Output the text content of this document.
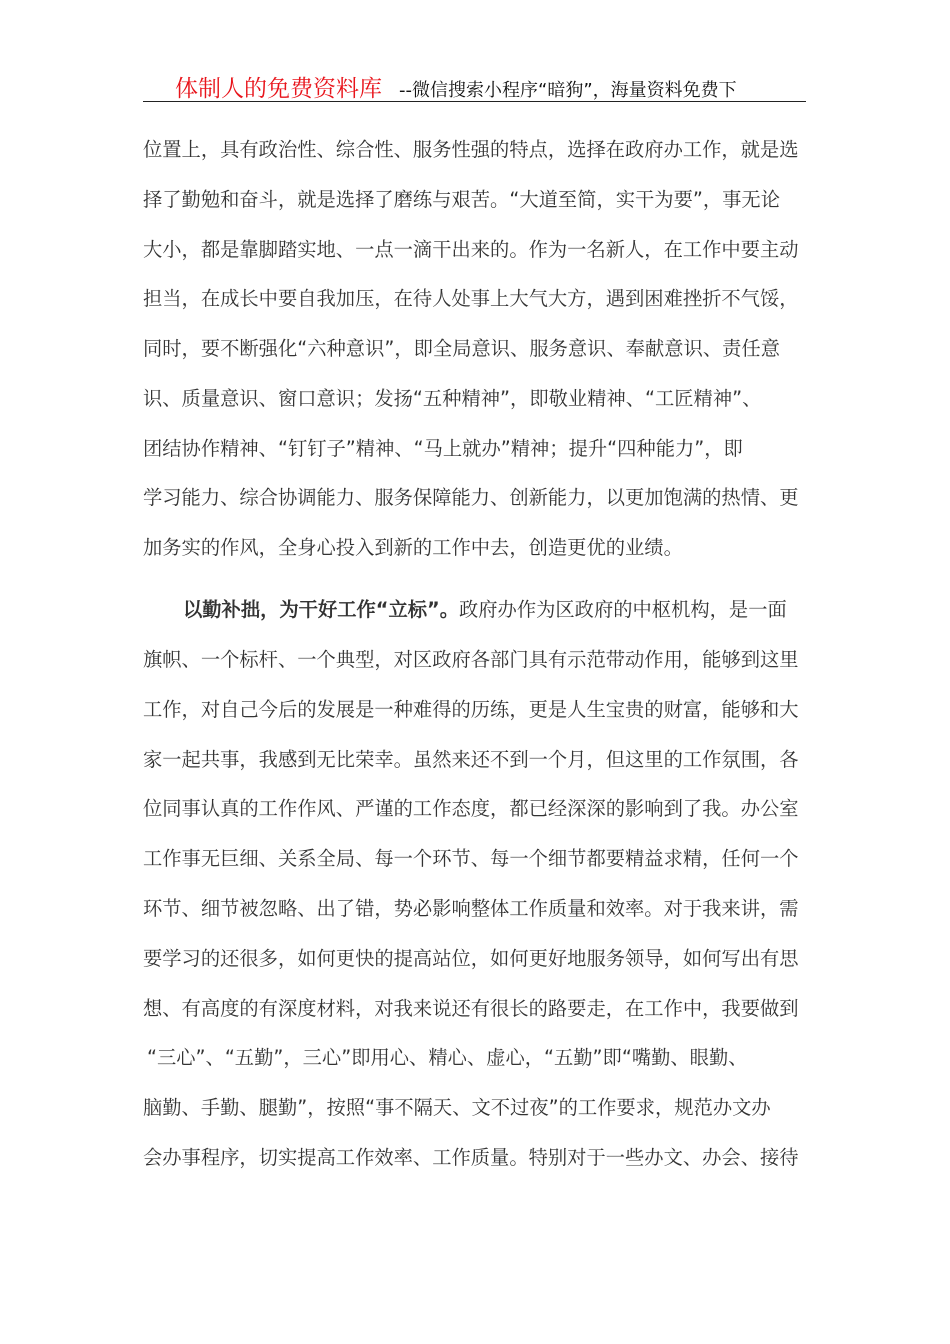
体制人的免费资料库 --微信搜索小程序“暗狗”，海量资料免费下
位置上，具有政治性、综合性、服务性强的特点，选择在政府办工作，就是选
择了勤勉和奋斗，就是选择了磨练与艰苦。“大道至简，实干为要”，事无论
大小，都是靠脚踏实地、一点一滴干出来的。作为一名新人，在工作中要主动
担当，在成长中要自我加压，在待人处事上大气大方，遇到困难挫折不气馁，
同时，要不断强化“六种意识”，即全局意识、服务意识、奉献意识、责任意
识、质量意识、窗口意识；发扬“五种精神”，即敬业精神、“工匠精神”、
团结协作精神、“钉钉子”精神、“马上就办”精神；提升“四种能力”，即
学习能力、综合协调能力、服务保障能力、创新能力，以更加饱满的热情、更
加务实的作风，全身心投入到新的工作中去，创造更优的业绩。
以勤补拙，为干好工作“立标”。政府办作为区政府的中枢机构，是一面
旗帜、一个标杆、一个典型，对区政府各部门具有示范带动作用，能够到这里
工作，对自己今后的发展是一种难得的历练，更是人生宝贵的财富，能够和大
家一起共事，我感到无比荣幸。虽然来还不到一个月，但这里的工作氛围，各
位同事认真的工作作风、严谨的工作态度，都已经深深的影响到了我。办公室
工作事无巨细、关系全局、每一个环节、每一个细节都要精益求精，任何一个
环节、细节被忽略、出了错，势必影响整体工作质量和效率。对于我来讲，需
要学习的还很多，如何更快的提高站位，如何更好地服务领导，如何写出有思
想、有高度的有深度材料，对我来说还有很长的路要走，在工作中，我要做到
“三心”、“五勤”，三心”即用心、精心、虚心，“五勤”即“嘴勤、眼勤、
脑勤、手勤、腿勤”，按照“事不隔天、文不过夜”的工作要求，规范办文办
会办事程序，切实提高工作效率、工作质量。特别对于一些办文、办会、接待
